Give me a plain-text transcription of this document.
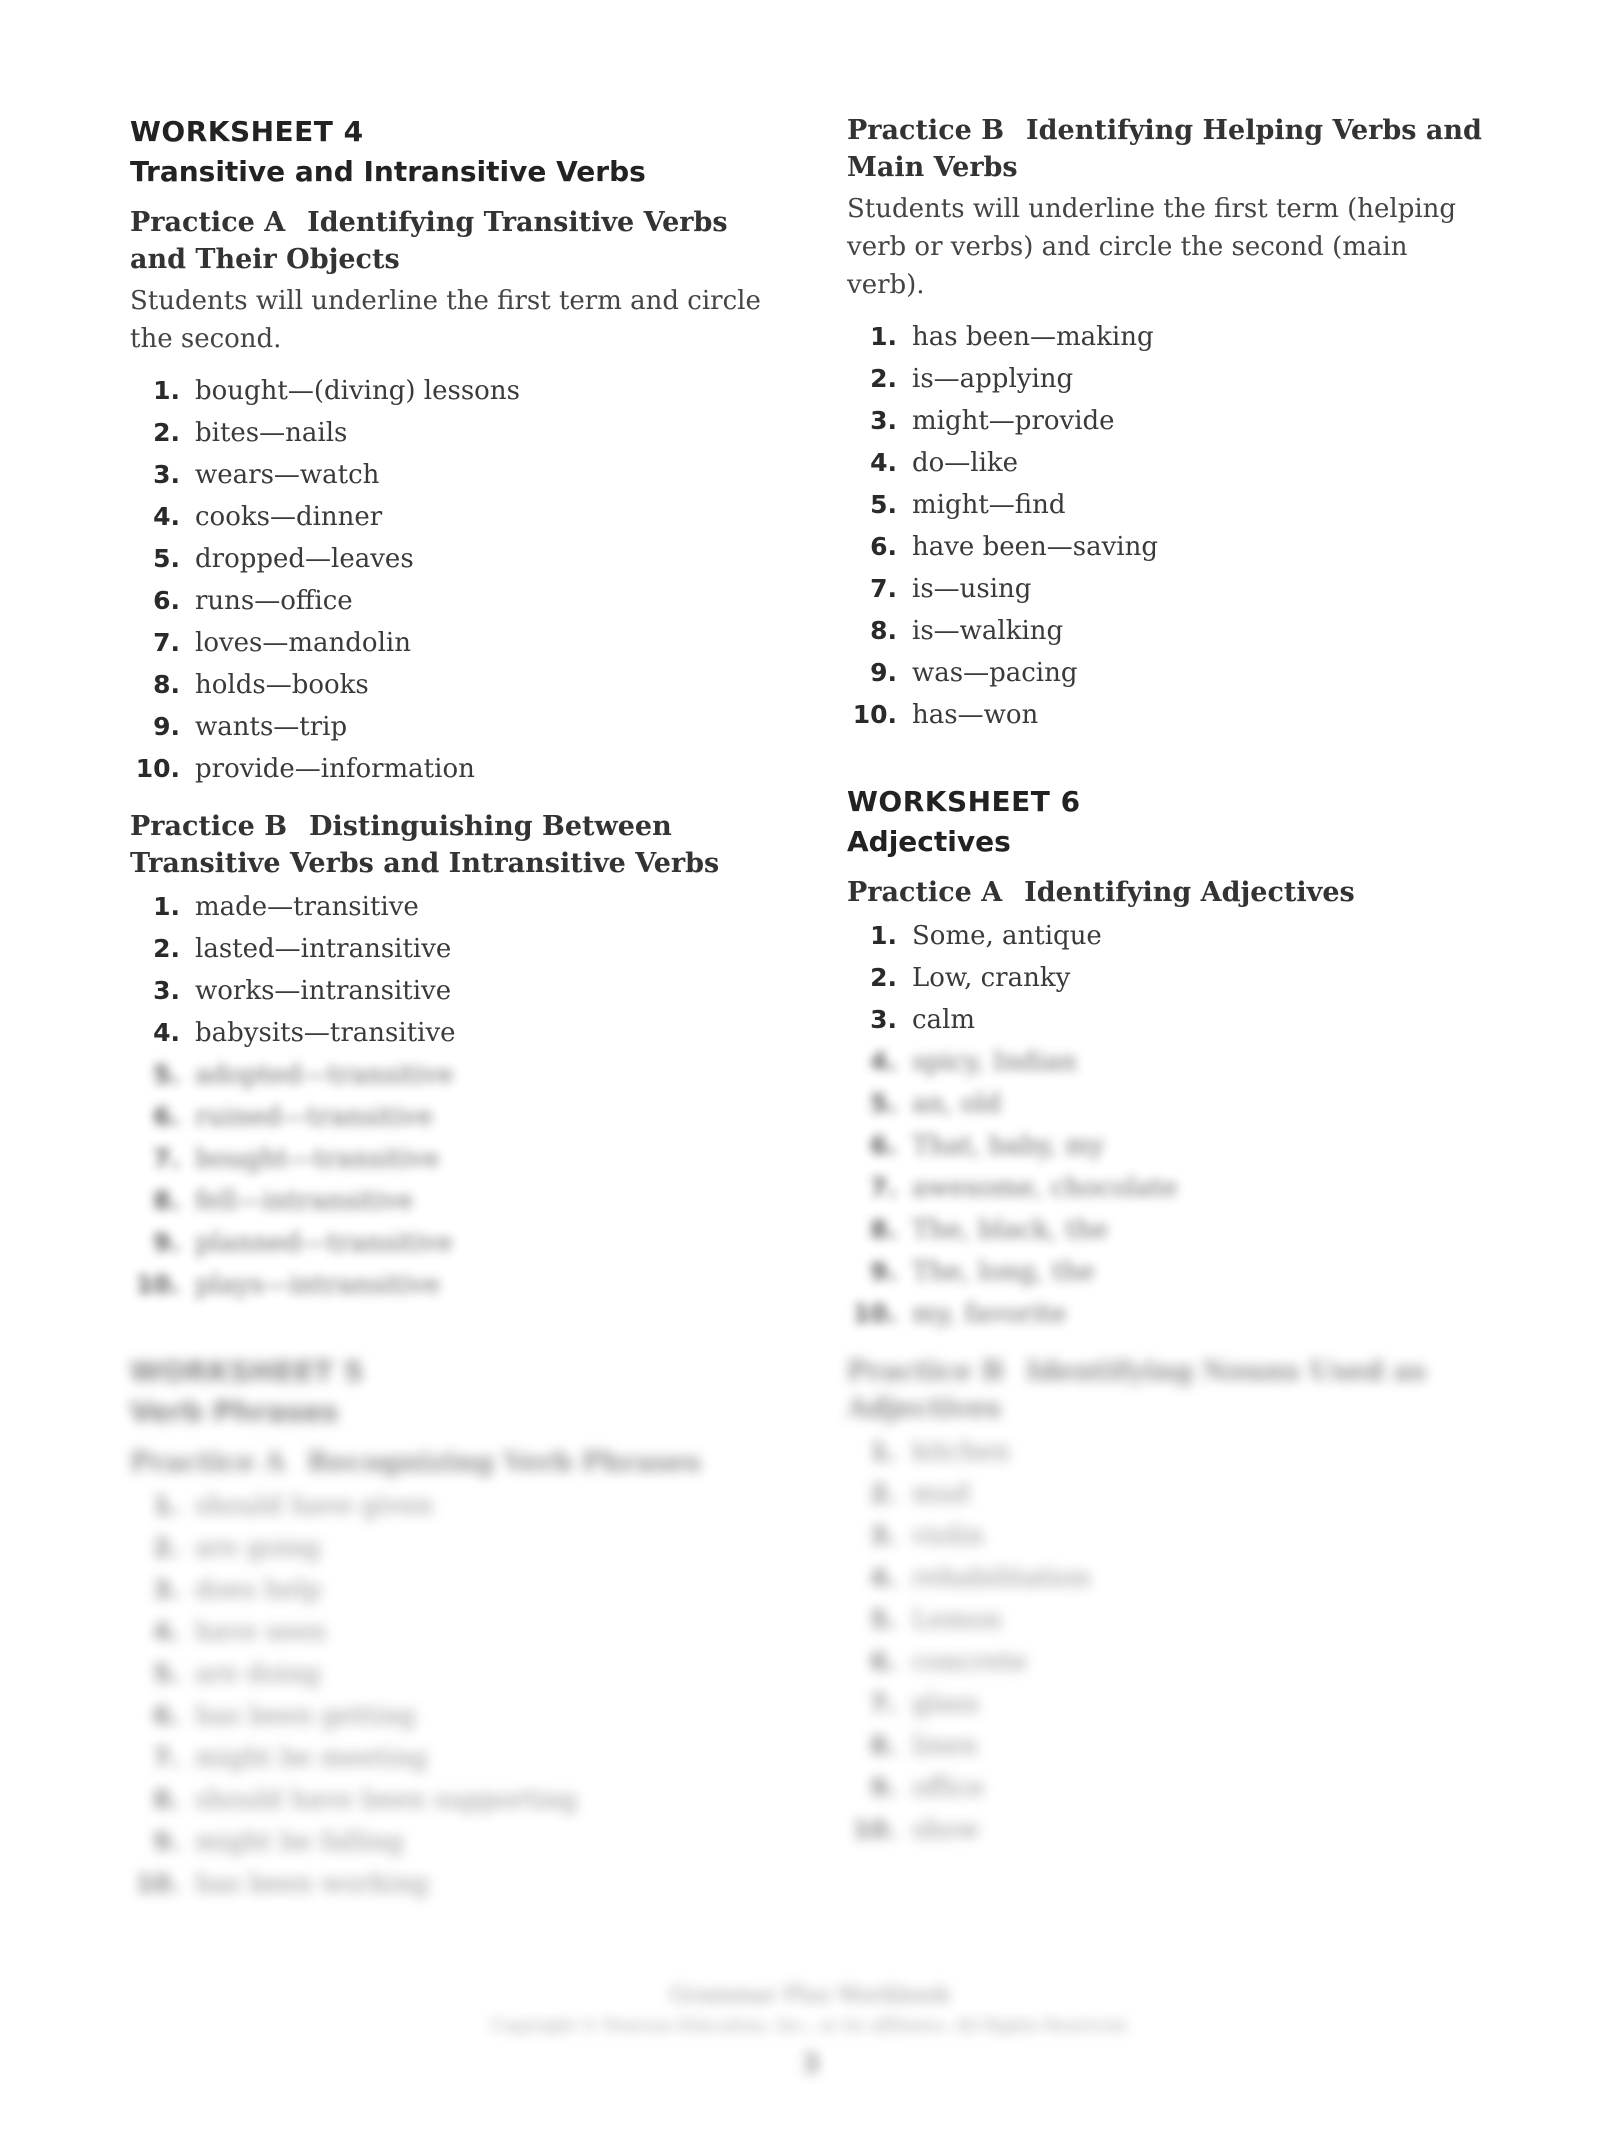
WORKSHEET 4
Transitive and Intransitive Verbs
Practice A Identifying Transitive Verbs and Their Objects
Students will underline the first term and circle the second.
1. bought—(diving) lessons
2. bites—nails
3. wears—watch
4. cooks—dinner
5. dropped—leaves
6. runs—office
7. loves—mandolin
8. holds—books
9. wants—trip
10. provide—information
Practice B Distinguishing Between Transitive Verbs and Intransitive Verbs
1. made—transitive
2. lasted—intransitive
3. works—intransitive
4. babysits—transitive
5. adopted—transitive
6. ruined—transitive
7. bought—transitive
8. fell—intransitive
9. planned—transitive
10. plays—intransitive
WORKSHEET 5
Verb Phrases
Practice A Recognizing Verb Phrases
1. should have given
2. are going
3. does help
4. have seen
5. are doing
6. has been getting
7. might be meeting
8. should have been supporting
9. might be falling
10. has been working
Practice B Identifying Helping Verbs and Main Verbs
Students will underline the first term (helping verb or verbs) and circle the second (main verb).
1. has been—making
2. is—applying
3. might—provide
4. do—like
5. might—find
6. have been—saving
7. is—using
8. is—walking
9. was—pacing
10. has—won
WORKSHEET 6
Adjectives
Practice A Identifying Adjectives
1. Some, antique
2. Low, cranky
3. calm
4. spicy, Indian
5. an, old
6. That, baby, my
7. awesome, chocolate
8. The, black, the
9. The, long, the
10. my, favorite
Practice B Identifying Nouns Used as Adjectives
1. kitchen
2. mud
3. violin
4. rehabilitation
5. Lemon
6. concrete
7. glass
8. linen
9. office
10. show
Grammar Plus Workbook
Copyright © Pearson Education, Inc., or its affiliates. All Rights Reserved.
3
